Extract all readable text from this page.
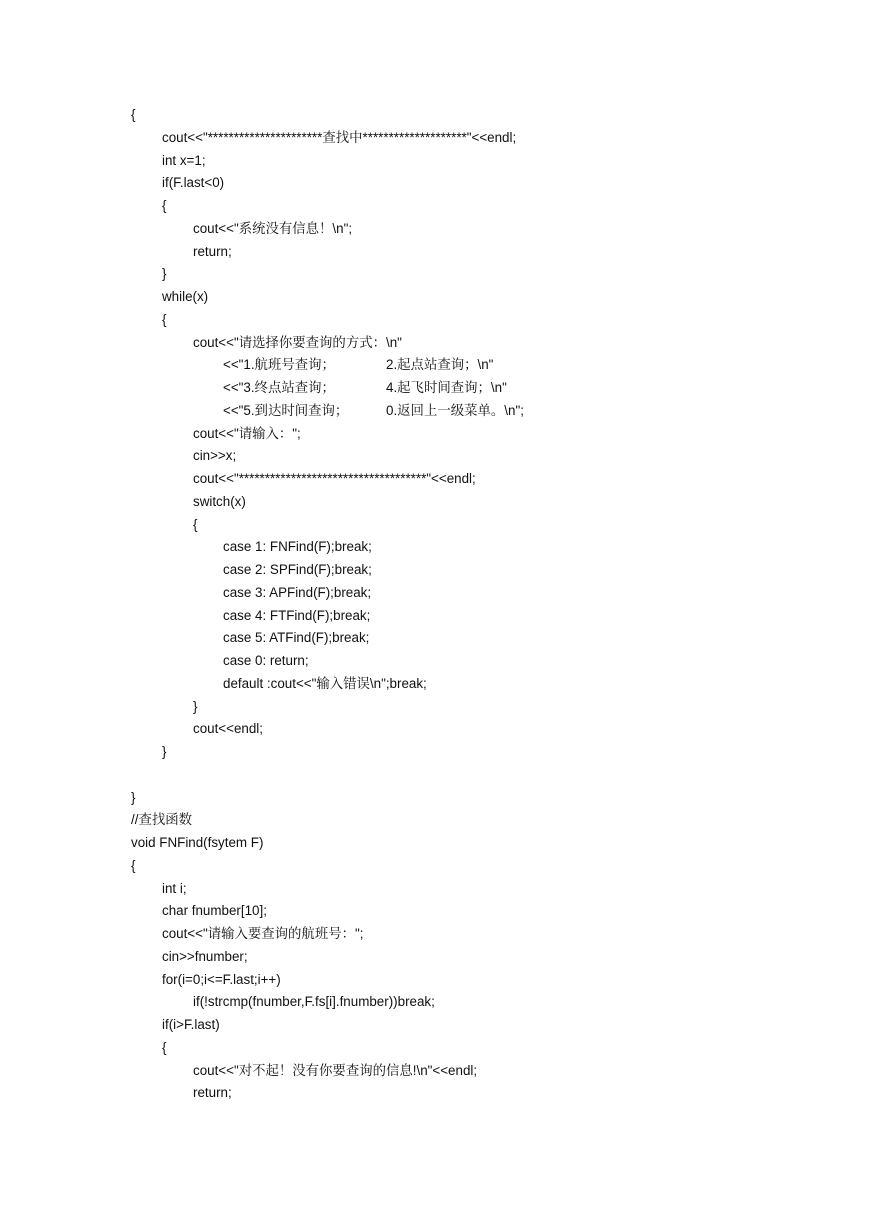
{
cout<<"**********************查找中********************"<<endl;
int x=1;
if(F.last<0)
{
cout<<"系统没有信息！\n";
return;
}
while(x)
{
cout<<"请选择你要查询的方式：\n"
<<"1.航班号查询；	2.起点站查询；\n"
<<"3.终点站查询；	4.起飞时间查询；\n"
<<"5.到达时间查询；	0.返回上一级菜单。\n";
cout<<"请输入：";
cin>>x;
cout<<"************************************"<<endl;
switch(x)
{
case 1: FNFind(F);break;
case 2: SPFind(F);break;
case 3: APFind(F);break;
case 4: FTFind(F);break;
case 5: ATFind(F);break;
case 0: return;
default :cout<<"输入错误\n";break;
}
cout<<endl;
}
}
//查找函数
void FNFind(fsytem F)
{
int i;
char fnumber[10];
cout<<"请输入要查询的航班号：";
cin>>fnumber;
for(i=0;i<=F.last;i++)
if(!strcmp(fnumber,F.fs[i].fnumber))break;
if(i>F.last)
{
cout<<"对不起！没有你要查询的信息!\n"<<endl;
return;
